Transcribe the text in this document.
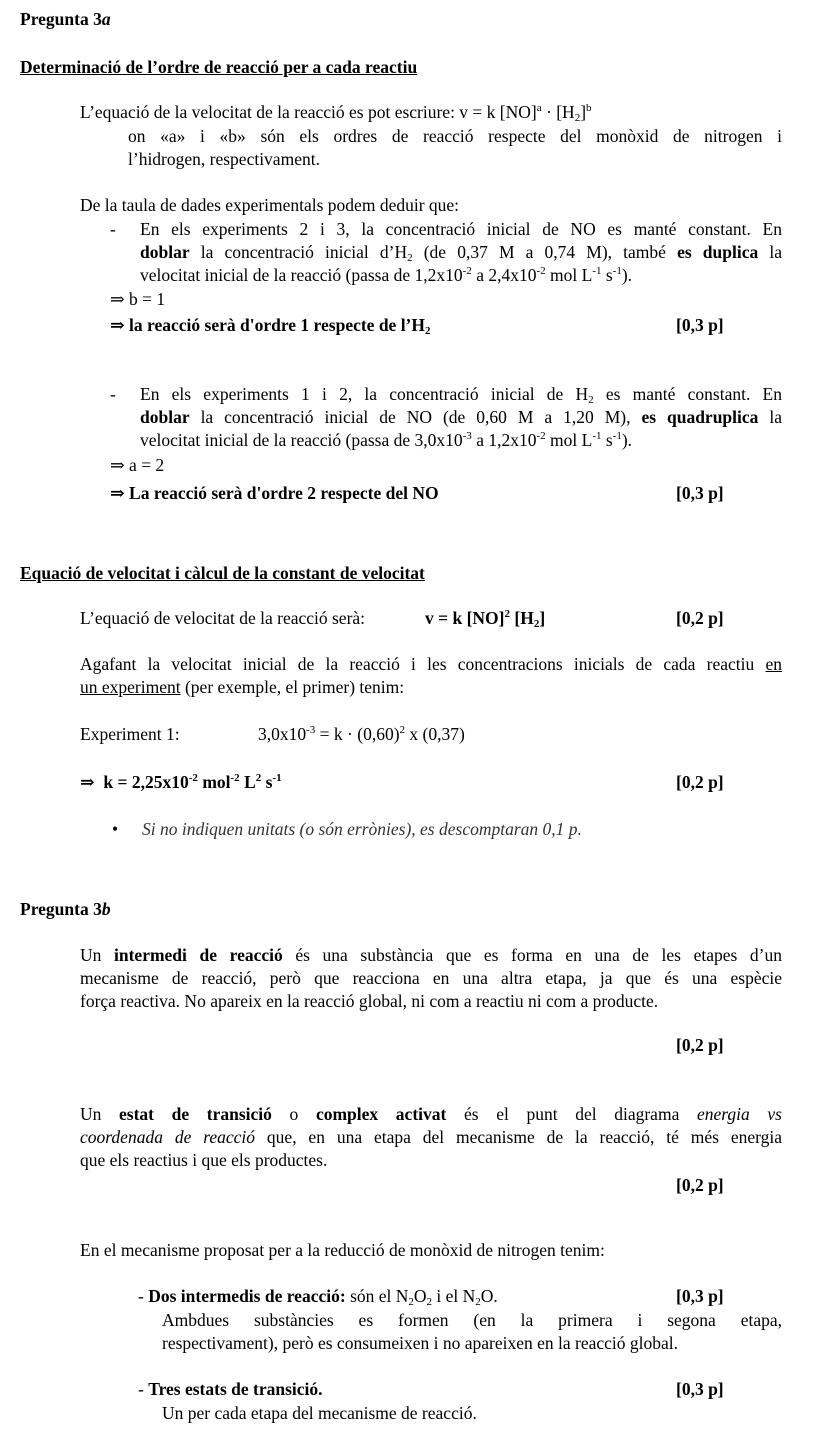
Pregunta 3a
Determinació de l’ordre de reacció per a cada reactiu
L’equació de la velocitat de la reacció es pot escriure: v = k $[NO]^a \cdot [H_2]^b$
on «a» i «b» són els ordres de reacció respecte del monòxid de nitrogen i
l’hidrogen, respectivament.
De la taula de dades experimentals podem deduir que:
- En els experiments 2 i 3, la concentració inicial de NO es manté constant. En
doblar la concentració inicial $d’H_2$ (de 0,37 M a 0,74 M), també es duplica la
velocitat inicial de la reacció (passa de $1,2x10^{-2}$ a $2,4x10^{-2}$ mol $L^{-1}$ $s^{-1}$).
⇒ b = 1
⇒ la reacció serà d'ordre 1 respecte de $l’H_2$	[0,3 p]
- En els experiments 1 i 2, la concentració inicial de $H_2$ es manté constant. En
doblar la concentració inicial de NO (de 0,60 M a 1,20 M), es quadruplica la
velocitat inicial de la reacció (passa de $3,0x10^{-3}$ a $1,2x10^{-2}$ mol $L^{-1}$ $s^{-1}$).
⇒ a = 2
⇒ La reacció serà d'ordre 2 respecte del NO	[0,3 p]
Equació de velocitat i càlcul de la constant de velocitat
L’equació de velocitat de la reacció serà:	v = k [NO]$^2$ $[H_2]$	[0,2 p]
Agafant la velocitat inicial de la reacció i les concentracions inicials de cada reactiu en
un experiment (per exemple, el primer) tenim:
Experiment 1:	$3,0x10^{-3} = k \cdot (0,60)^2$ x (0,37)
⇒ $k = 2,25x10^{-2}$ mol$^{-2}$ $L^2$ $s^{-1}$	[0,2 p]
• Si no indiquen unitats (o són errònies), es descomptaran 0,1 p.
Pregunta 3b
Un intermedi de reacció és una substància que es forma en una de les etapes d’un
mecanisme de reacció, però que reacciona en una altra etapa, ja que és una espècie
força reactiva. No apareix en la reacció global, ni com a reactiu ni com a producte.
[0,2 p]
Un estat de transició o complex activat és el punt del diagrama energia vs
coordenada de reacció que, en una etapa del mecanisme de la reacció, té més energia
que els reactius i que els productes.
[0,2 p]
En el mecanisme proposat per a la reducció de monòxid de nitrogen tenim:
- Dos intermedis de reacció: són el $N_2O_2$ i el $N_2O$.	[0,3 p]
Ambdues substàncies es formen (en la primera i segona etapa,
respectivament), però es consumeixen i no apareixen en la reacció global.
- Tres estats de transició.	[0,3 p]
Un per cada etapa del mecanisme de reacció.
